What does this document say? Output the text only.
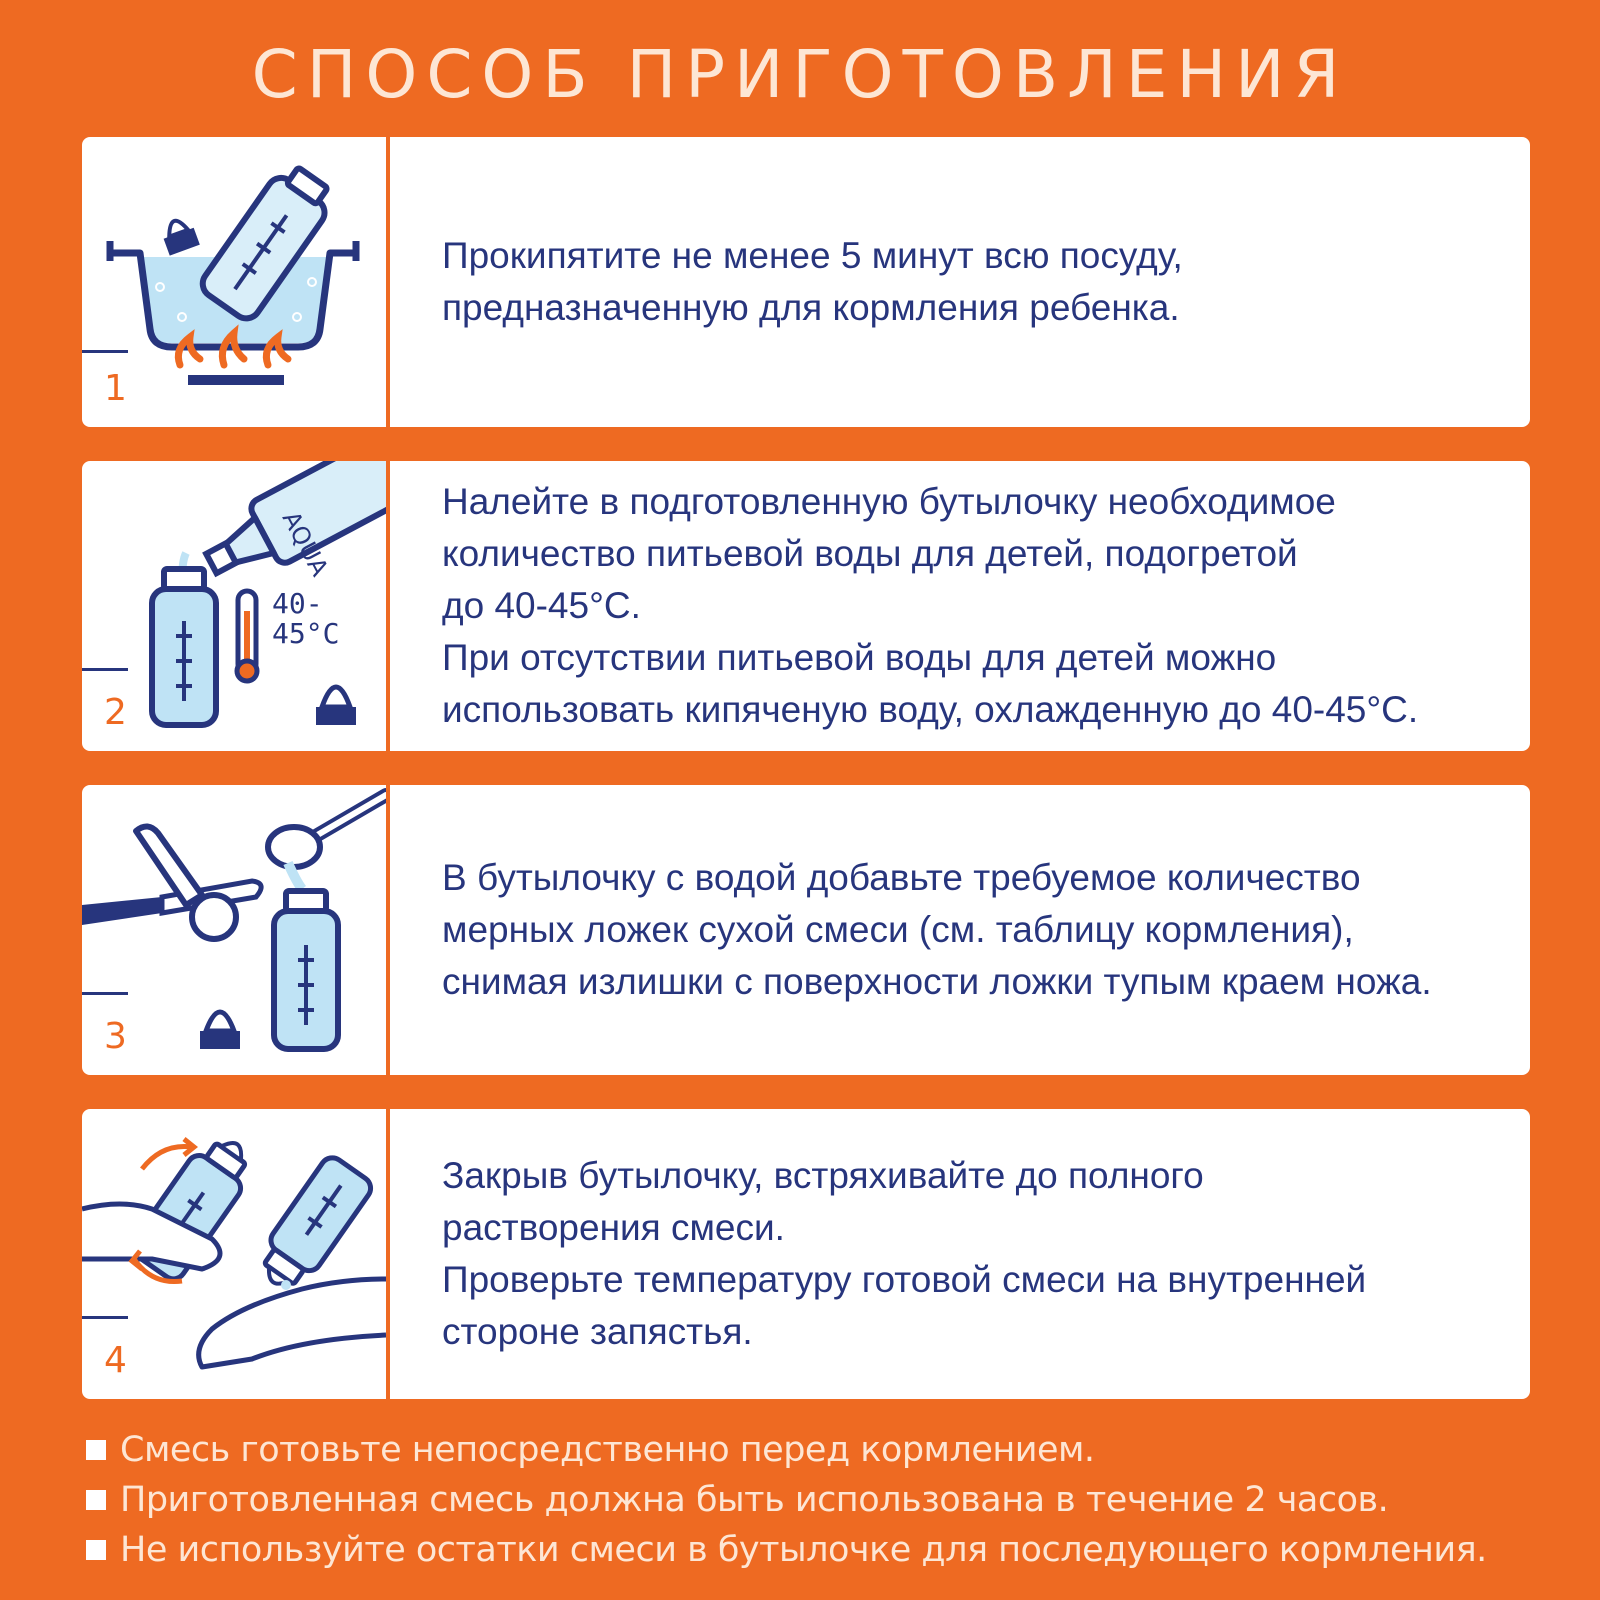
СПОСОБ ПРИГОТОВЛЕНИЯ
1

Прокипятите не менее 5 минут всю посуду,

предназначенную для кормления ребенка.

AQUA
40-
45°C
2

Налейте в подготовленную бутылочку необходимое

количество питьевой воды для детей, подогретой

до 40-45°С.

При отсутствии питьевой воды для детей можно

использовать кипяченую воду, охлажденную до 40-45°С.

3

В бутылочку с водой добавьте требуемое количество

мерных ложек сухой смеси (см. таблицу кормления),

снимая излишки с поверхности ложки тупым краем ножа.

4

Закрыв бутылочку, встряхивайте до полного

растворения смеси.

Проверьте температуру готовой смеси на внутренней

стороне запястья.

Смесь готовьте непосредственно перед кормлением.
Приготовленная смесь должна быть использована в течение 2 часов.
Не используйте остатки смеси в бутылочке для последующего кормления.
